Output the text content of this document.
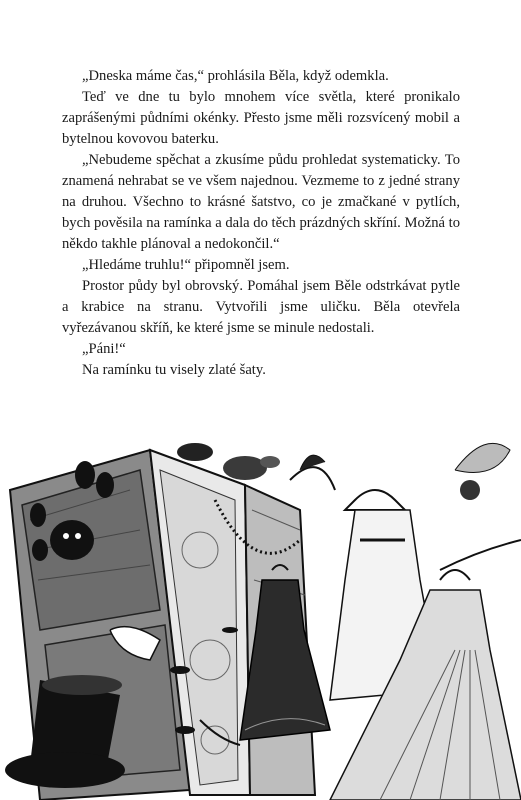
„Dneska máme čas,“ prohlásila Běla, když odemkla.

Teď ve dne tu bylo mnohem více světla, které pronikalo zaprášenými půdními okénky. Přesto jsme měli rozsvícený mobil a bytelnou kovovou baterku.

„Nebudeme spěchat a zkusíme půdu prohledat systematicky. To znamená nehrabat se ve všem najednou. Vezmeme to z jedné strany na druhou. Všechno to krásné šatstvo, co je zmačkané v pytlích, bych pověsila na ramínka a dala do těch prázdných skříní. Možná to někdo takhle plánoval a nedokončil.“

„Hledáme truhlu!“ připomněl jsem.

Prostor půdy byl obrovský. Pomáhal jsem Běle odstrkávat pytle a krabice na stranu. Vytvořili jsme uličku. Běla otevřela vyřezávanou skříň, ke které jsme se minule nedostali.

„Páni!“

Na ramínku tu visely zlaté šaty.
